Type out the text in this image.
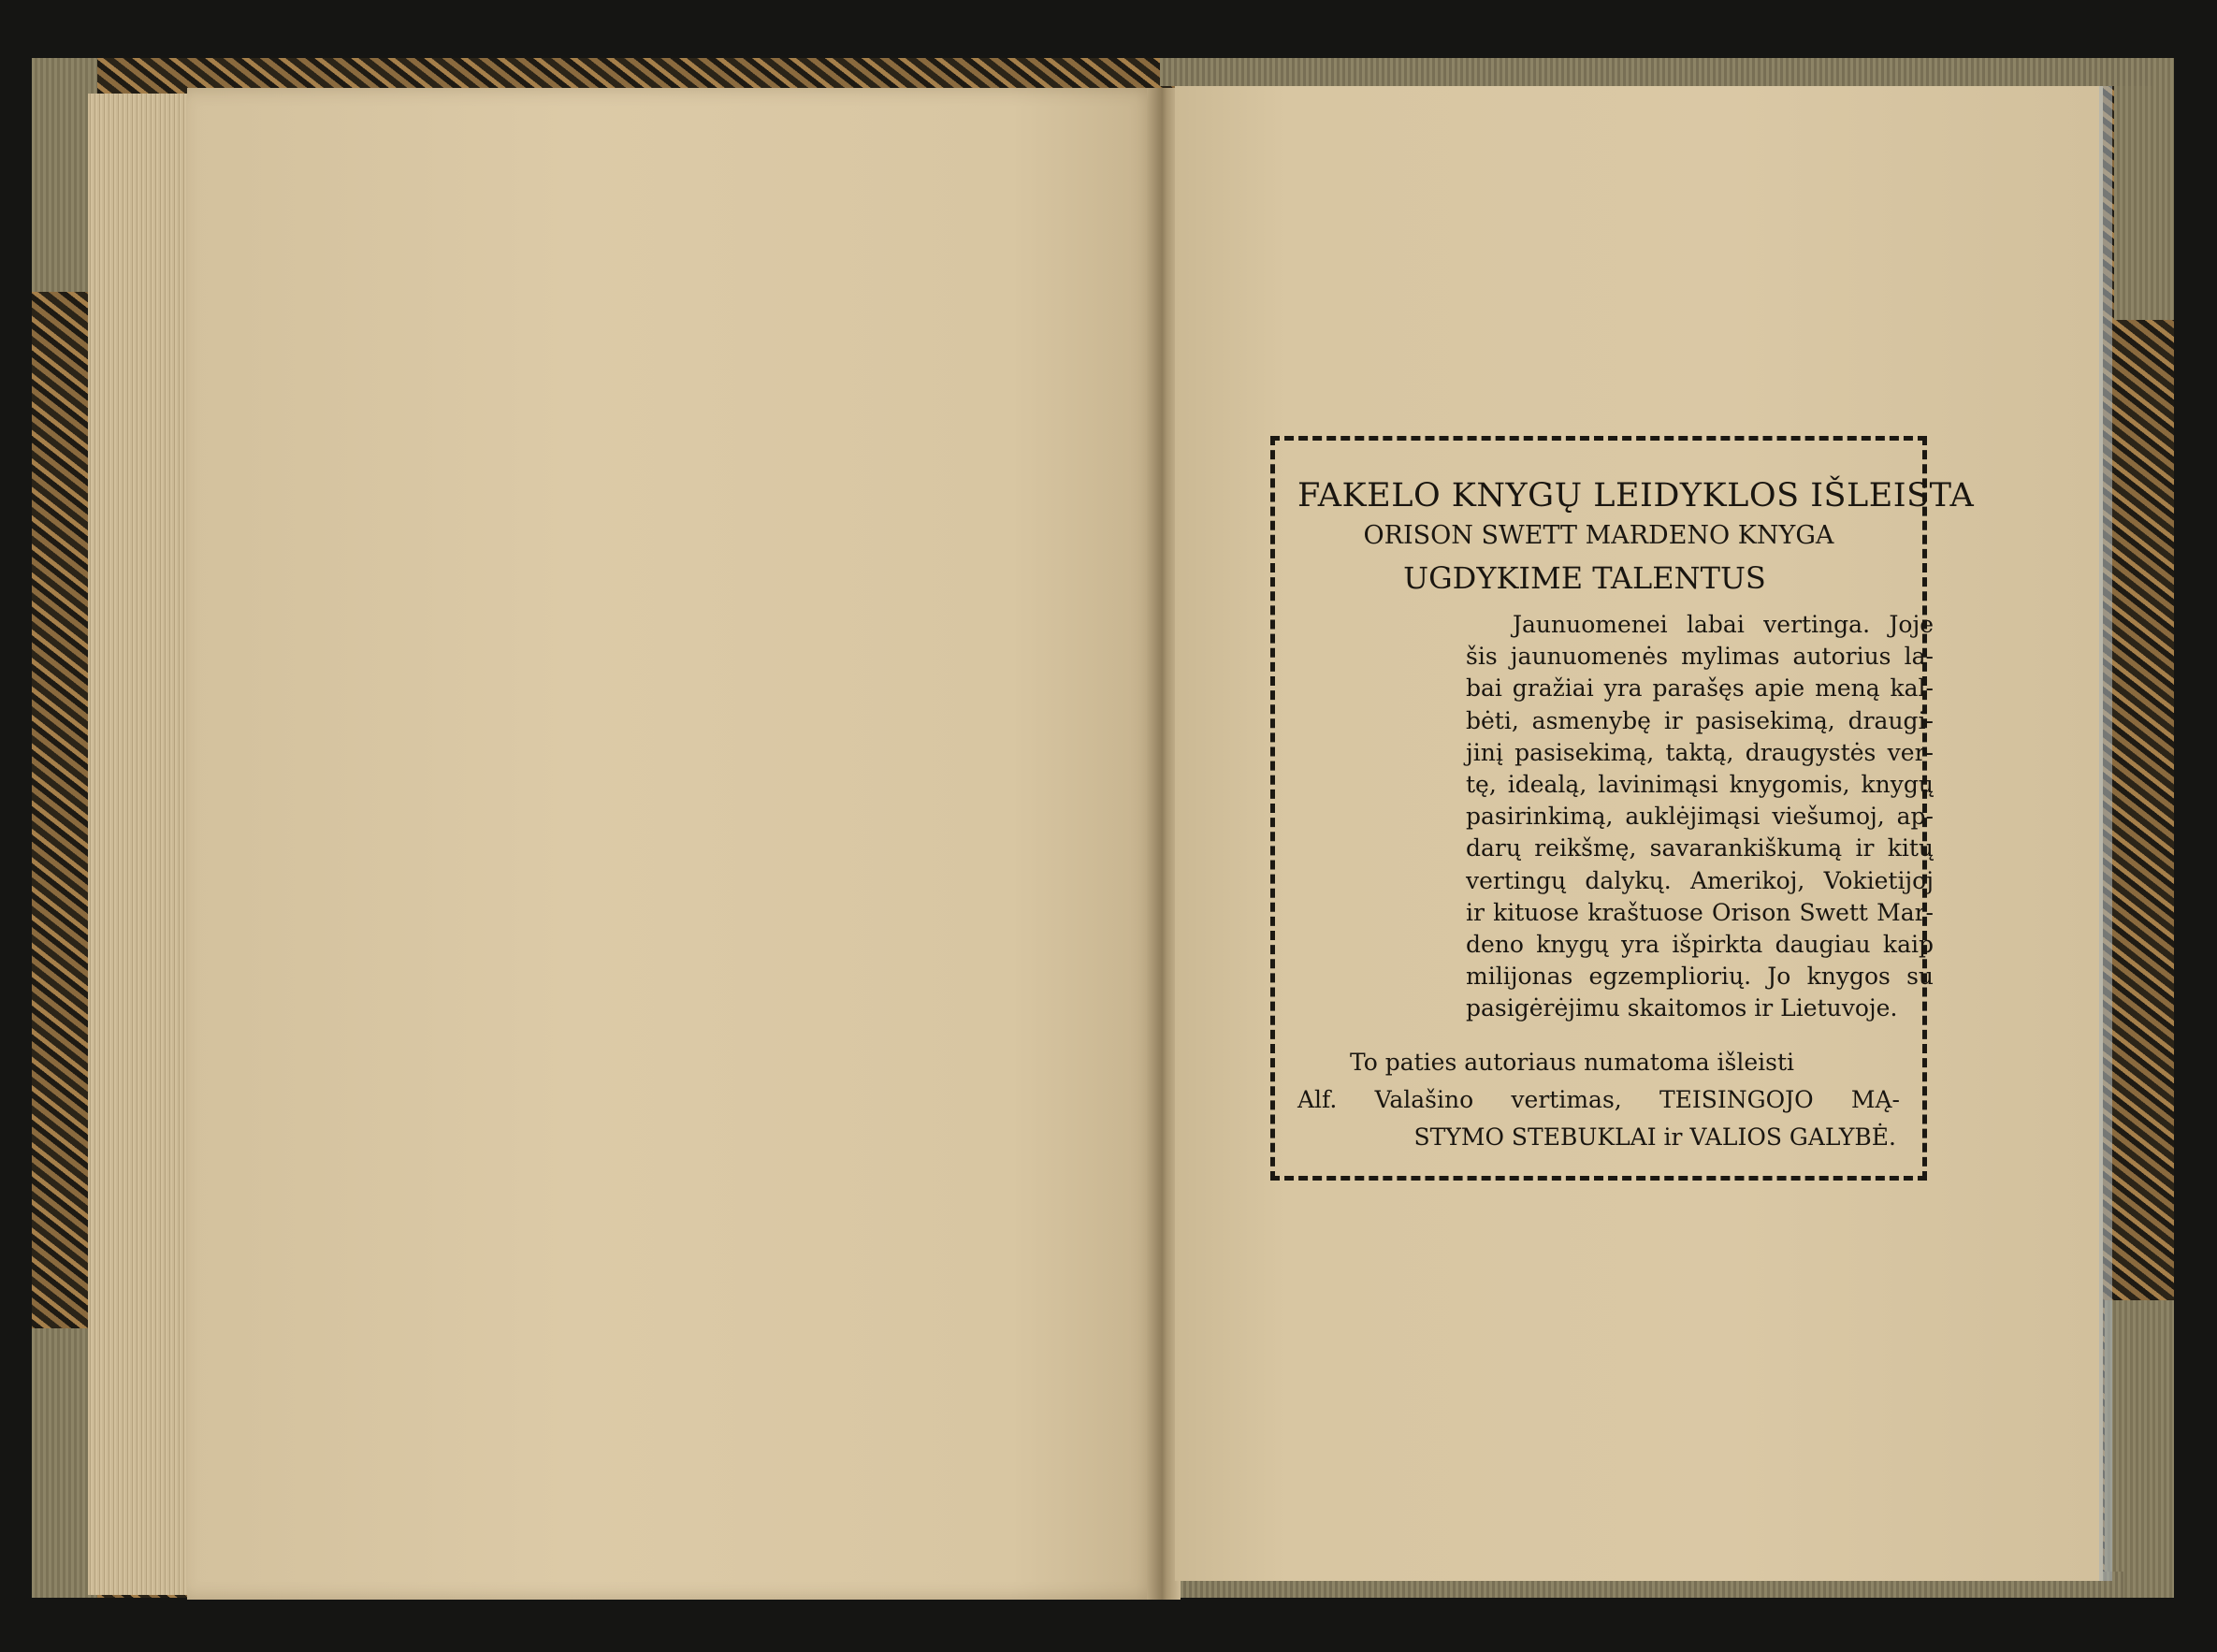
FAKELO KNYGŲ LEIDYKLOS IŠLEISTA
ORISON SWETT MARDENO KNYGA
UGDYKIME TALENTUS
Jaunuomenei labai vertinga. Joje
šis jaunuomenės mylimas autorius la-
bai gražiai yra parašęs apie meną kal-
bėti, asmenybę ir pasisekimą, draugi-
jinį pasisekimą, taktą, draugystės ver-
tę, idealą, lavinimąsi knygomis, knygų
pasirinkimą, auklėjimąsi viešumoj, ap-
darų reikšmę, savarankiškumą ir kitų
vertingų dalykų. Amerikoj, Vokietijoj
ir kituose kraštuose Orison Swett Mar-
deno knygų yra išpirkta daugiau kaip
milijonas egzempliorių. Jo knygos su
pasigėrėjimu skaitomos ir Lietuvoje.
To paties autoriaus numatoma išleisti
Alf. Valašino vertimas, TEISINGOJO MĄ-
STYMO STEBUKLAI ir VALIOS GALYBĖ.
